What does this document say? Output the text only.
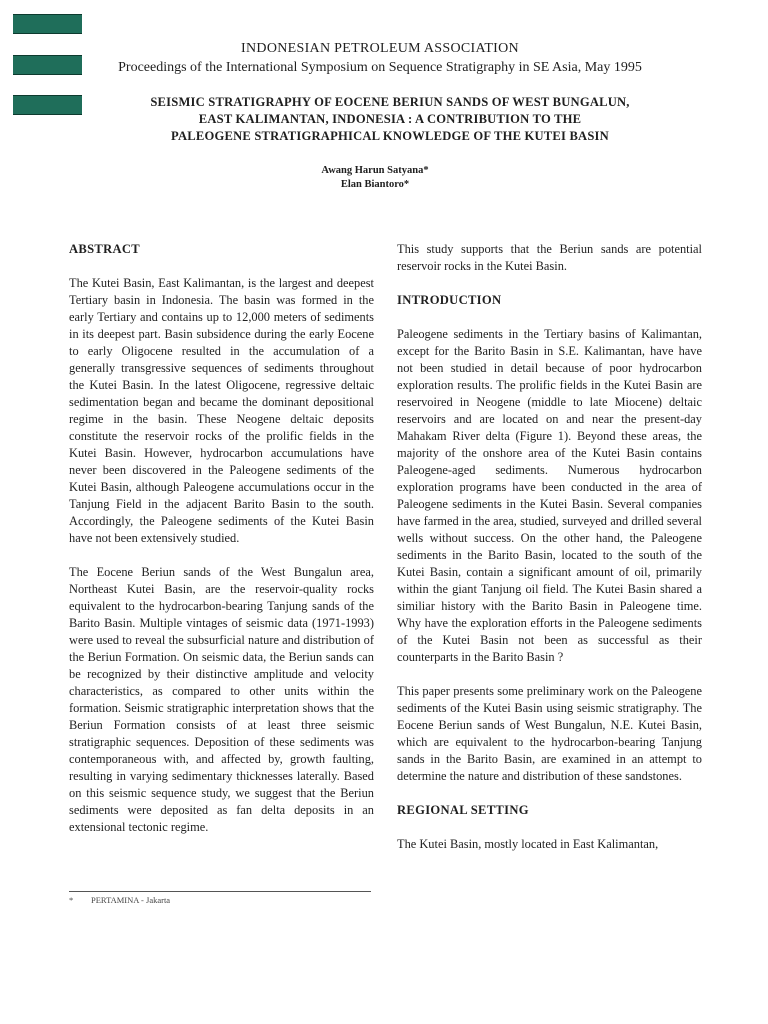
INDONESIAN PETROLEUM ASSOCIATION
Proceedings of the International Symposium on Sequence Stratigraphy in SE Asia, May 1995
SEISMIC STRATIGRAPHY OF EOCENE BERIUN SANDS OF WEST BUNGALUN,
EAST KALIMANTAN, INDONESIA : A CONTRIBUTION TO THE
PALEOGENE STRATIGRAPHICAL KNOWLEDGE OF THE KUTEI BASIN
Awang Harun Satyana*
Elan Biantoro*
ABSTRACT

The Kutei Basin, East Kalimantan, is the largest and deepest Tertiary basin in Indonesia. The basin was formed in the early Tertiary and contains up to 12,000 meters of sediments in its deepest part. Basin subsidence during the early Eocene to early Oligocene resulted in the accumulation of a generally transgressive sequences of sediments throughout the Kutei Basin. In the latest Oligocene, regressive deltaic sedimentation began and became the dominant depositional regime in the basin. These Neogene deltaic deposits constitute the reservoir rocks of the prolific fields in the Kutei Basin. However, hydrocarbon accumulations have never been discovered in the Paleogene sediments of the Kutei Basin, although Paleogene accumulations occur in the Tanjung Field in the adjacent Barito Basin to the south. Accordingly, the Paleogene sediments of the Kutei Basin have not been extensively studied.

The Eocene Beriun sands of the West Bungalun area, Northeast Kutei Basin, are the reservoir-quality rocks equivalent to the hydrocarbon-bearing Tanjung sands of the Barito Basin. Multiple vintages of seismic data (1971-1993) were used to reveal the subsurficial nature and distribution of the Beriun Formation. On seismic data, the Beriun sands can be recognized by their distinctive amplitude and velocity characteristics, as compared to other units within the formation. Seismic stratigraphic interpretation shows that the Beriun Formation consists of at least three seismic stratigraphic sequences. Deposition of these sediments was contemporaneous with, and affected by, growth faulting, resulting in varying sedimentary thicknesses laterally. Based on this seismic sequence study, we suggest that the Beriun sediments were deposited as fan delta deposits in an extensional tectonic regime.

This study supports that the Beriun sands are potential reservoir rocks in the Kutei Basin.

INTRODUCTION

Paleogene sediments in the Tertiary basins of Kalimantan, except for the Barito Basin in S.E. Kalimantan, have have not been studied in detail because of poor hydrocarbon exploration results. The prolific fields in the Kutei Basin are reservoired in Neogene (middle to late Miocene) deltaic reservoirs and are located on and near the present-day Mahakam River delta (Figure 1). Beyond these areas, the majority of the onshore area of the Kutei Basin contains Paleogene-aged sediments. Numerous hydrocarbon exploration programs have been conducted in the area of Paleogene sediments in the Kutei Basin. Several companies have farmed in the area, studied, surveyed and drilled several wells without success. On the other hand, the Paleogene sediments in the Barito Basin, located to the south of the Kutei Basin, contain a significant amount of oil, primarily within the giant Tanjung oil field. The Kutei Basin shared a similiar history with the Barito Basin in Paleogene time. Why have the exploration efforts in the Paleogene sediments of the Kutei Basin not been as successful as their counterparts in the Barito Basin ?

This paper presents some preliminary work on the Paleogene sediments of the Kutei Basin using seismic stratigraphy. The Eocene Beriun sands of West Bungalun, N.E. Kutei Basin, which are equivalent to the hydrocarbon-bearing Tanjung sands in the Barito Basin, are examined in an attempt to determine the nature and distribution of these sandstones.

REGIONAL SETTING

The Kutei Basin, mostly located in East Kalimantan,

* PERTAMINA - Jakarta
